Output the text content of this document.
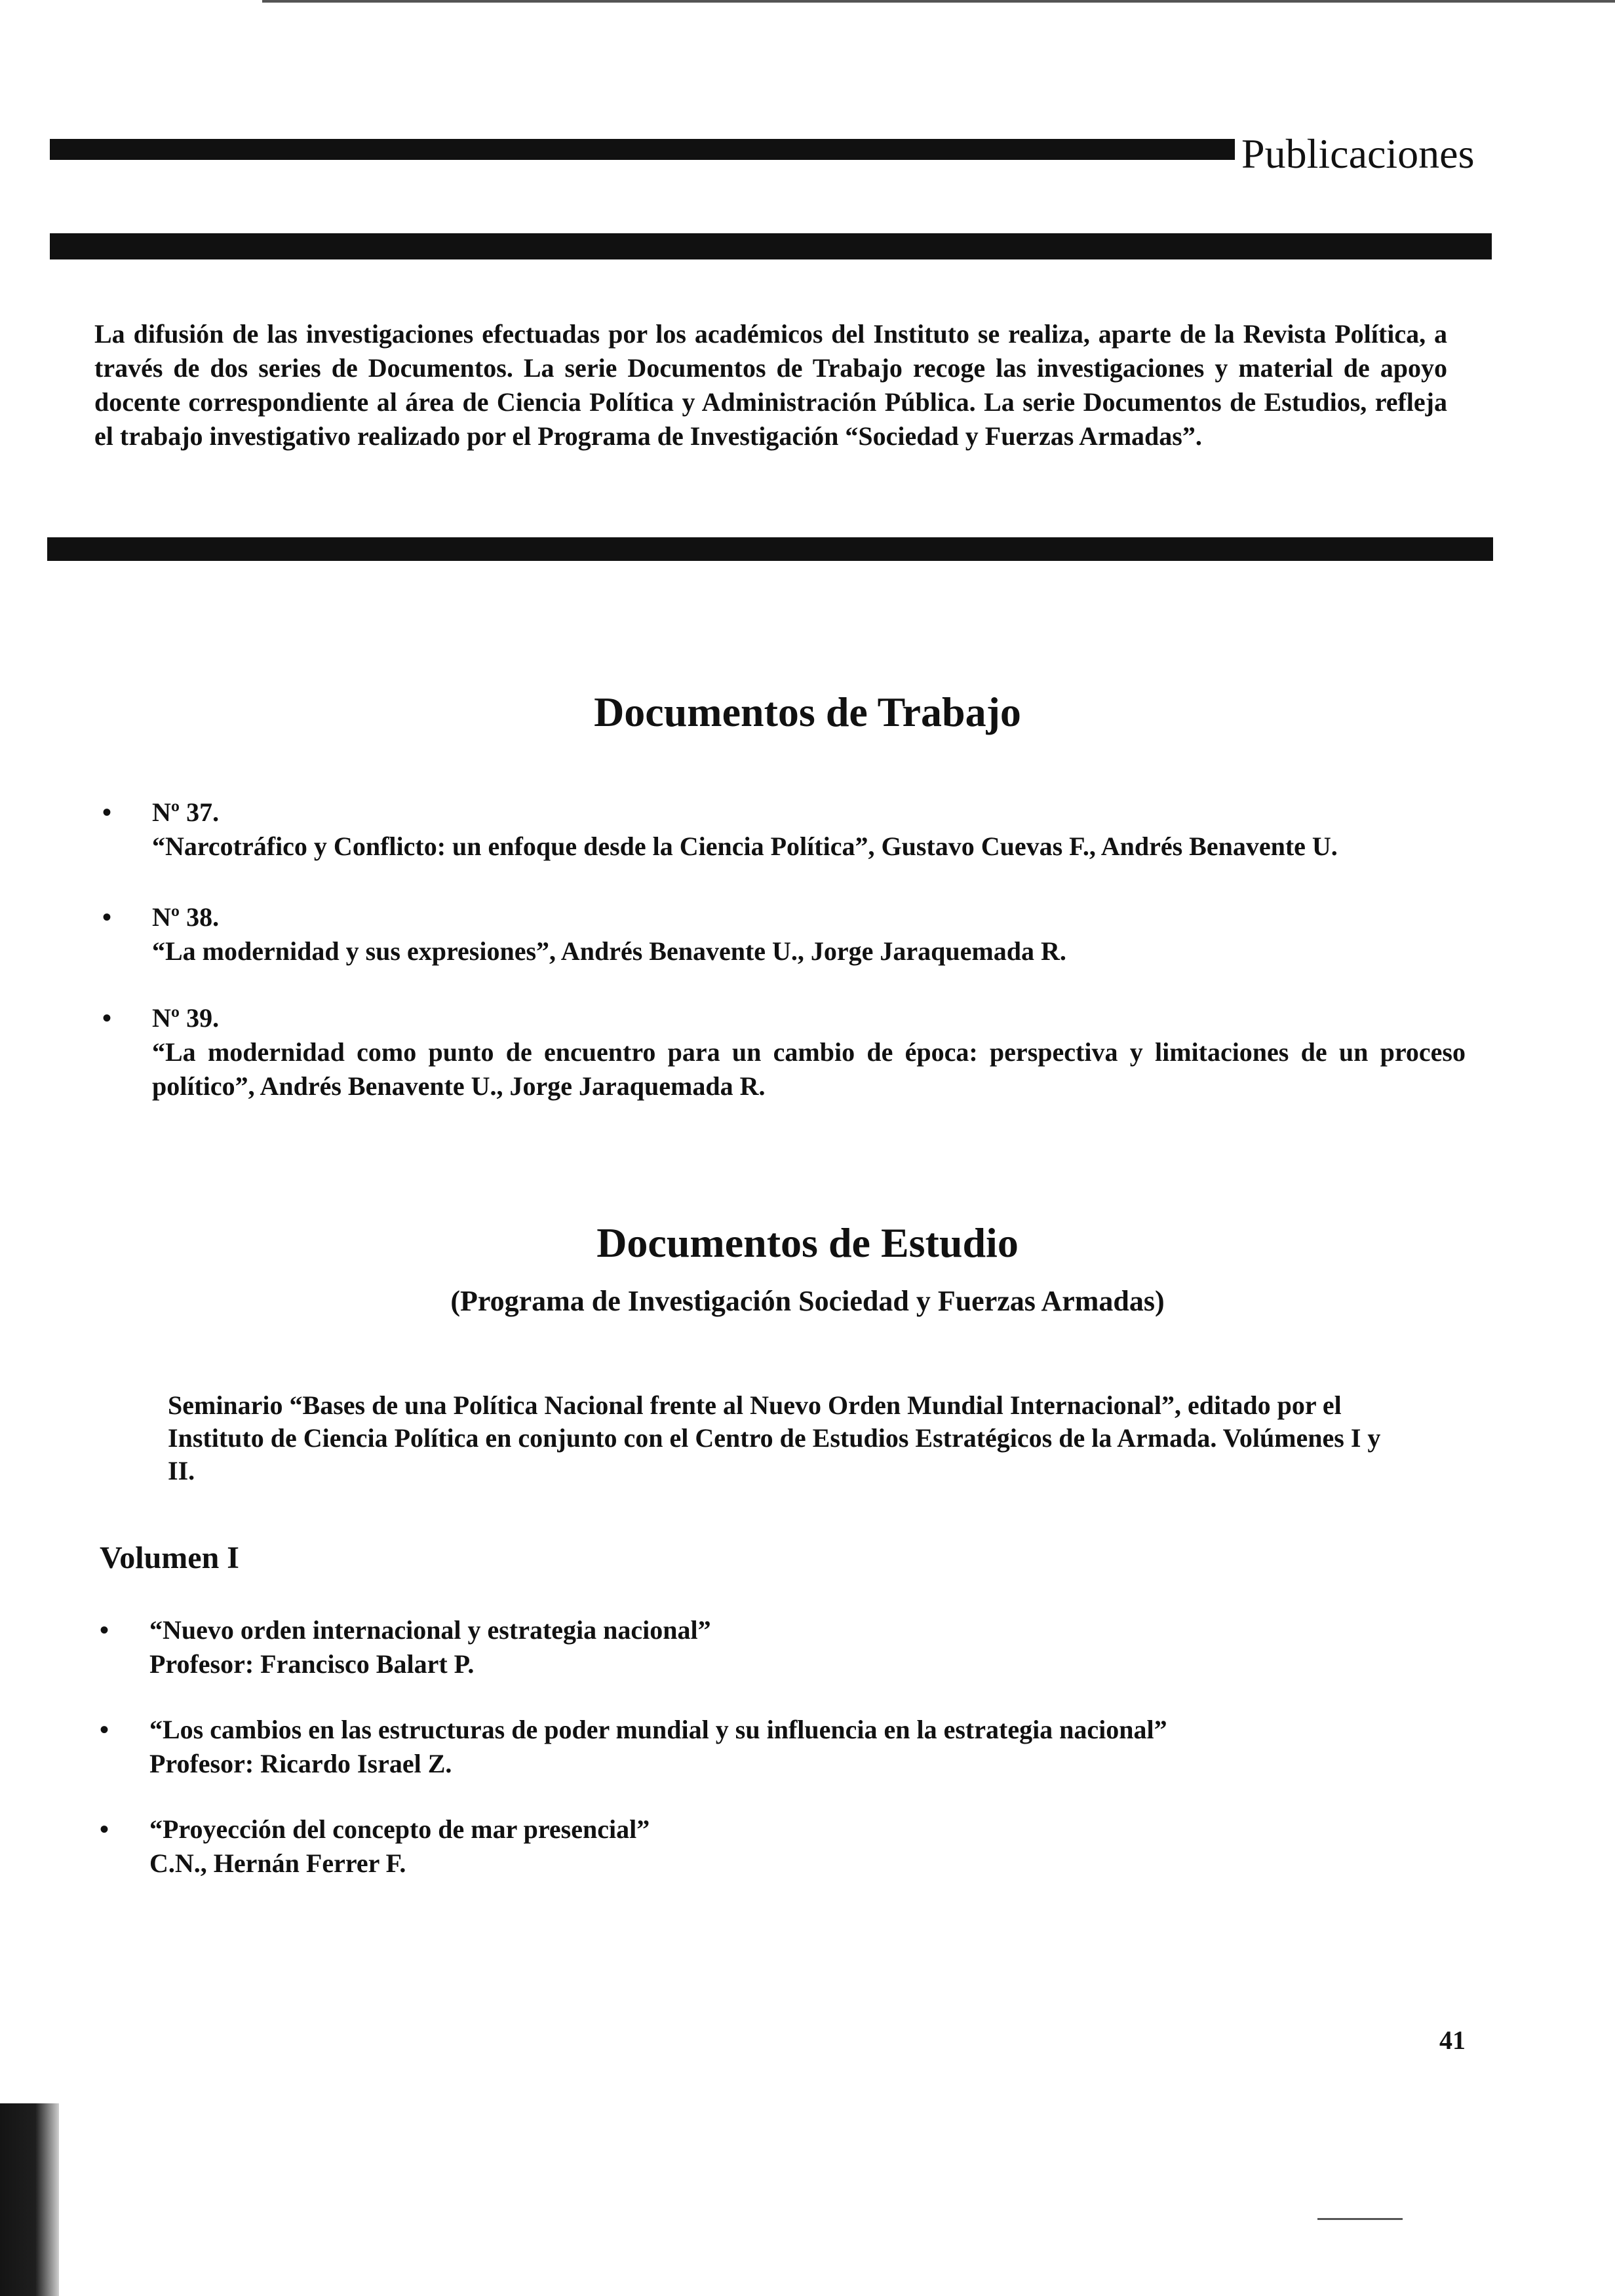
Publicaciones

La difusión de las investigaciones efectuadas por los académicos del Instituto se realiza, aparte de la Revista Política, a través de dos series de Documentos. La serie Documentos de Trabajo recoge las investigaciones y material de apoyo docente correspondiente al área de Ciencia Política y Administración Pública. La serie Documentos de Estudios, refleja el trabajo investigativo realizado por el Programa de Investigación “Sociedad y Fuerzas Armadas”.

Documentos de Trabajo
• Nº 37.
“Narcotráfico y Conflicto: un enfoque desde la Ciencia Política”, Gustavo Cuevas F., Andrés Benavente U.
• Nº 38.
“La modernidad y sus expresiones”, Andrés Benavente U., Jorge Jaraquemada R.
• Nº 39.
“La modernidad como punto de encuentro para un cambio de época: perspectiva y limitaciones de un proceso político”, Andrés Benavente U., Jorge Jaraquemada R.
Documentos de Estudio

(Programa de Investigación Sociedad y Fuerzas Armadas)

Seminario “Bases de una Política Nacional frente al Nuevo Orden Mundial Internacional”, editado por el Instituto de Ciencia Política en conjunto con el Centro de Estudios Estratégicos de la Armada. Volúmenes I y II.

Volumen I
• “Nuevo orden internacional y estrategia nacional”
Profesor: Francisco Balart P.
• “Los cambios en las estructuras de poder mundial y su influencia en la estrategia nacional”
Profesor: Ricardo Israel Z.
• “Proyección del concepto de mar presencial”
C.N., Hernán Ferrer F.
41
